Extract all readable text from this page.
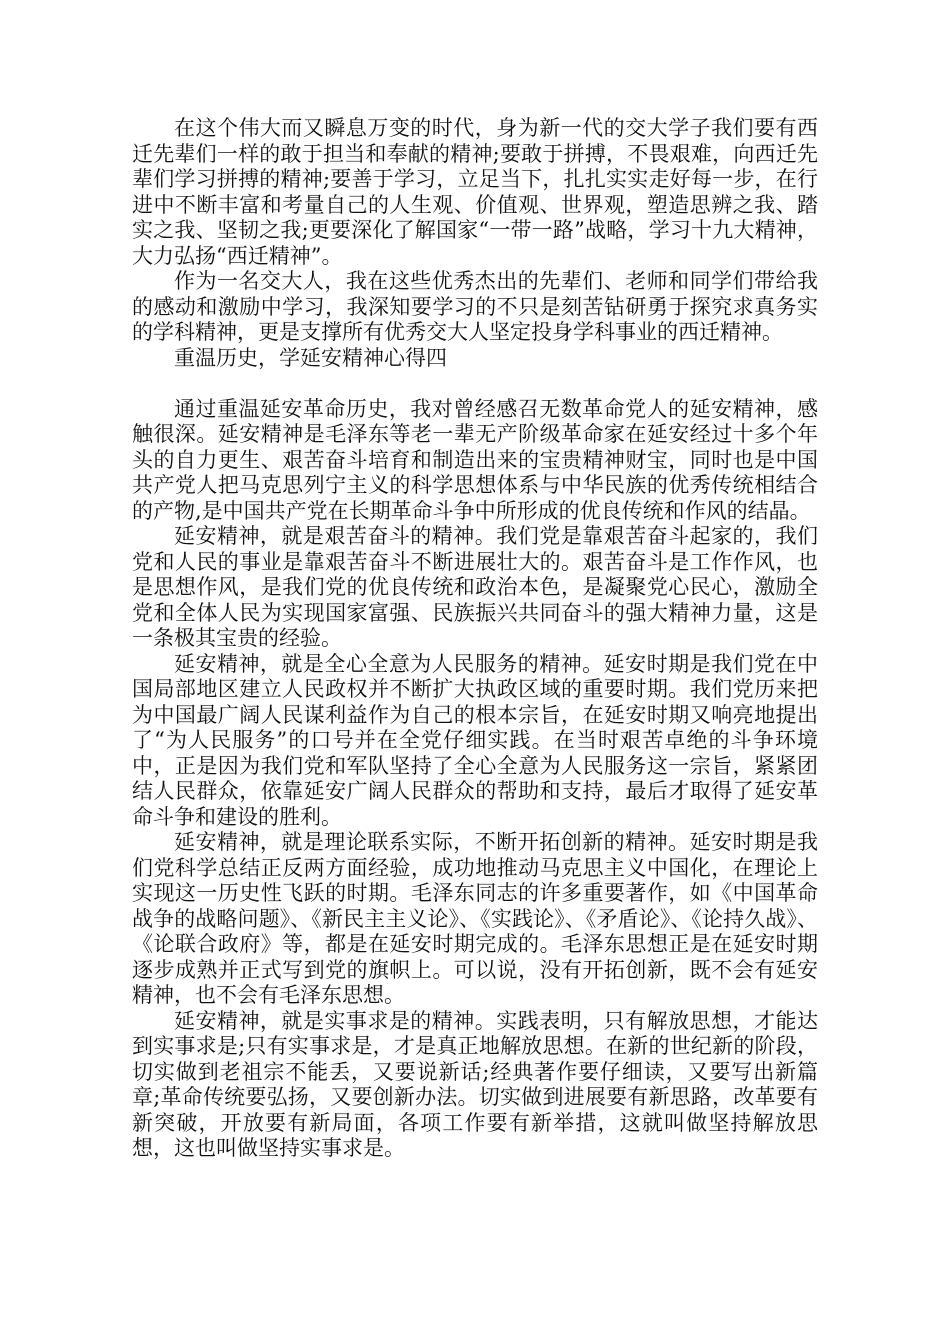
在这个伟大而又瞬息万变的时代，身为新一代的交大学子我们要有西迁先辈们一样的敢于担当和奉献的精神;要敢于拼搏，不畏艰难，向西迁先辈们学习拼搏的精神;要善于学习，立足当下，扎扎实实走好每一步，在行进中不断丰富和考量自己的人生观、价值观、世界观，塑造思辨之我、踏实之我、坚韧之我;更要深化了解国家“一带一路”战略，学习十九大精神，大力弘扬“西迁精神”。

作为一名交大人，我在这些优秀杰出的先辈们、老师和同学们带给我的感动和激励中学习，我深知要学习的不只是刻苦钻研勇于探究求真务实的学科精神，更是支撑所有优秀交大人坚定投身学科事业的西迁精神。

重温历史，学延安精神心得四

通过重温延安革命历史，我对曾经感召无数革命党人的延安精神，感触很深。延安精神是毛泽东等老一辈无产阶级革命家在延安经过十多个年头的自力更生、艰苦奋斗培育和制造出来的宝贵精神财宝，同时也是中国共产党人把马克思列宁主义的科学思想体系与中华民族的优秀传统相结合的产物,是中国共产党在长期革命斗争中所形成的优良传统和作风的结晶。

延安精神，就是艰苦奋斗的精神。我们党是靠艰苦奋斗起家的，我们党和人民的事业是靠艰苦奋斗不断进展壮大的。艰苦奋斗是工作作风，也是思想作风，是我们党的优良传统和政治本色，是凝聚党心民心，激励全党和全体人民为实现国家富强、民族振兴共同奋斗的强大精神力量，这是一条极其宝贵的经验。

延安精神，就是全心全意为人民服务的精神。延安时期是我们党在中国局部地区建立人民政权并不断扩大执政区域的重要时期。我们党历来把为中国最广阔人民谋利益作为自己的根本宗旨，在延安时期又响亮地提出了“为人民服务”的口号并在全党仔细实践。在当时艰苦卓绝的斗争环境中，正是因为我们党和军队坚持了全心全意为人民服务这一宗旨，紧紧团结人民群众，依靠延安广阔人民群众的帮助和支持，最后才取得了延安革命斗争和建设的胜利。

延安精神，就是理论联系实际，不断开拓创新的精神。延安时期是我们党科学总结正反两方面经验，成功地推动马克思主义中国化，在理论上实现这一历史性飞跃的时期。毛泽东同志的许多重要著作，如《中国革命战争的战略问题》、《新民主主义论》、《实践论》、《矛盾论》、《论持久战》、《论联合政府》等，都是在延安时期完成的。毛泽东思想正是在延安时期逐步成熟并正式写到党的旗帜上。可以说，没有开拓创新，既不会有延安精神，也不会有毛泽东思想。

延安精神，就是实事求是的精神。实践表明，只有解放思想，才能达到实事求是;只有实事求是，才是真正地解放思想。在新的世纪新的阶段，切实做到老祖宗不能丢，又要说新话;经典著作要仔细读，又要写出新篇章;革命传统要弘扬，又要创新办法。切实做到进展要有新思路，改革要有新突破，开放要有新局面，各项工作要有新举措，这就叫做坚持解放思想，这也叫做坚持实事求是。
